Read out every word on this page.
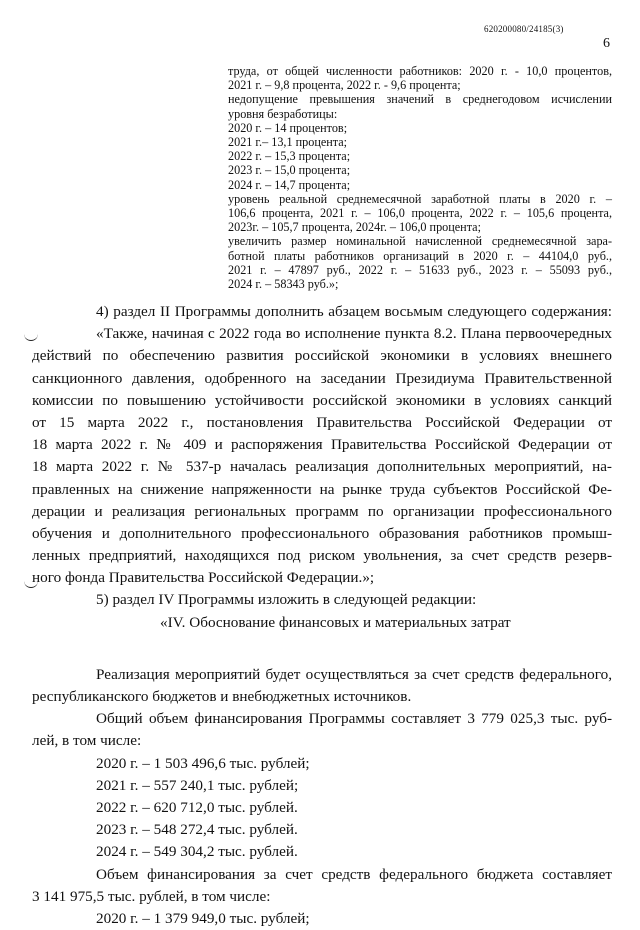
620200080/24185(3)
6
труда, от общей численности работников: 2020 г. - 10,0 процентов,
2021 г. – 9,8 процента, 2022 г. - 9,6 процента;
недопущение превышения значений в среднегодовом исчислении
уровня безработицы:
2020 г. – 14 процентов;
2021 г.– 13,1 процента;
2022 г. – 15,3 процента;
2023 г. – 15,0 процента;
2024 г. – 14,7 процента;
уровень реальной среднемесячной заработной платы в 2020 г. –
106,6 процента, 2021 г. – 106,0 процента, 2022 г. – 105,6 процента,
2023г. – 105,7 процента, 2024г. – 106,0 процента;
увеличить размер номинальной начисленной среднемесячной зара-
ботной платы работников организаций в 2020 г. – 44104,0 руб.,
2021 г. – 47897 руб., 2022 г. – 51633 руб., 2023 г. – 55093 руб.,
2024 г. – 58343 руб.»;
4) раздел II Программы дополнить абзацем восьмым следующего содержания:
«Также, начиная с 2022 года во исполнение пункта 8.2. Плана первоочередных
действий по обеспечению развития российской экономики в условиях внешнего
санкционного давления, одобренного на заседании Президиума Правительственной
комиссии по повышению устойчивости российской экономики в условиях санкций
от 15 марта 2022 г., постановления Правительства Российской Федерации от
18 марта 2022 г. № 409 и распоряжения Правительства Российской Федерации от
18 марта 2022 г. № 537-р началась реализация дополнительных мероприятий, на-
правленных на снижение напряженности на рынке труда субъектов Российской Фе-
дерации и реализация региональных программ по организации профессионального
обучения и дополнительного профессионального образования работников промыш-
ленных предприятий, находящихся под риском увольнения, за счет средств резерв-
ного фонда Правительства Российской Федерации.»;
5) раздел IV Программы изложить в следующей редакции:
«IV. Обоснование финансовых и материальных затрат
Реализация мероприятий будет осуществляться за счет средств федерального,
республиканского бюджетов и внебюджетных источников.
Общий объем финансирования Программы составляет 3 779 025,3 тыс. руб-
лей, в том числе:
2020 г. – 1 503 496,6 тыс. рублей;
2021 г. – 557 240,1 тыс. рублей;
2022 г. – 620 712,0 тыс. рублей.
2023 г. – 548 272,4 тыс. рублей.
2024 г. – 549 304,2 тыс. рублей.
Объем финансирования за счет средств федерального бюджета составляет
3 141 975,5 тыс. рублей, в том числе:
2020 г. – 1 379 949,0 тыс. рублей;
